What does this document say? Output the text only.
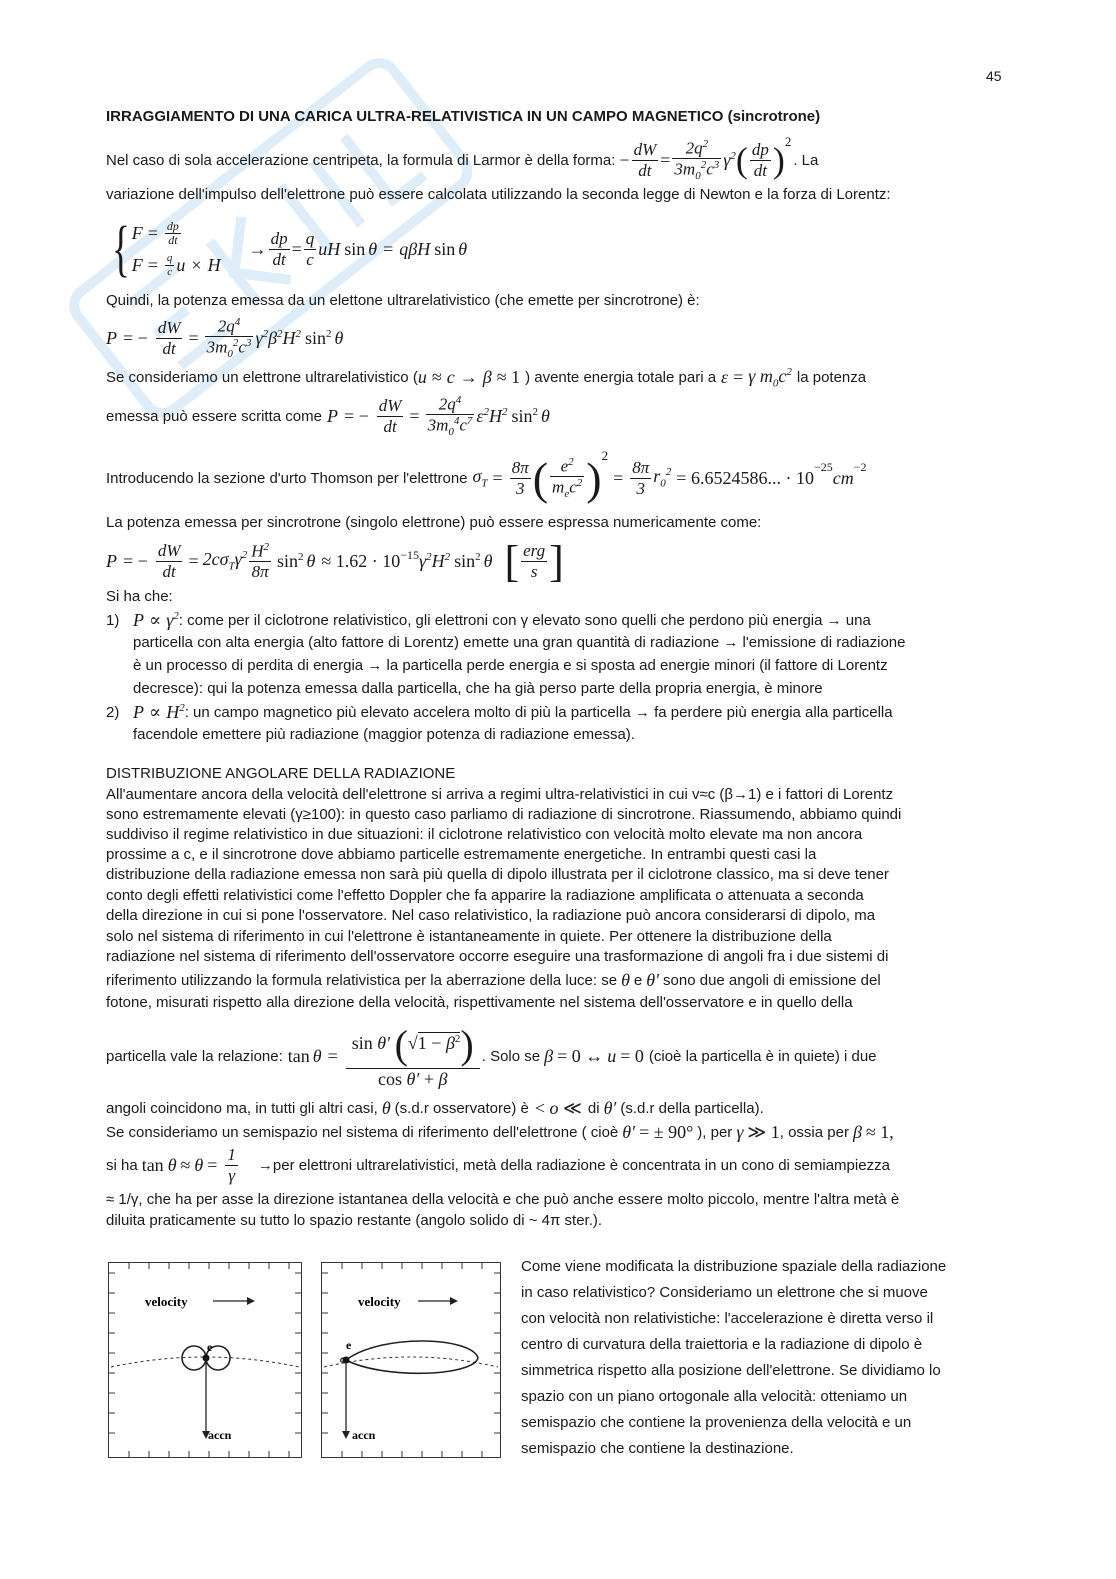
45
IRRAGGIAMENTO DI UNA CARICA ULTRA-RELATIVISTICA IN UN CAMPO MAGNETICO (sincrotrone)
Nel caso di sola accelerazione centripeta, la formula di Larmor è della forma: − $\frac{dW}{dt} = \frac{2q^2}{3m_0^2c^3} \gamma^2$ ( $\frac{dp}{dt}$ ) 2
. La
variazione dell'impulso dell'elettrone può essere calcolata utilizzando la seconda legge di Newton e la forza di Lorentz:
{ $F = \frac{dp}{dt}$
$F = \frac{q}{c}$ u × H
→ $\frac{dp}{dt} = \frac{q}{c}$ uH sin θ = qβH sin θ
Quindi, la potenza emessa da un elettone ultrarelativistico (che emette per sincrotrone) è:
P = − $\frac{dW}{dt} = \frac{2q^4}{3m_0^2c^3} \gamma^2\beta^2H^2$ $\sin^2 \theta$
Se consideriamo un elettrone ultrarelativistico ( u ≈ c → β ≈ 1 ) avente energia totale pari a ε = γ $m_0c^2$ la potenza
emessa può essere scritta come P = − $\frac{dW}{dt} = \frac{2q^4}{3m_0^4c^7} \varepsilon^2H^2$ $\sin^2 \theta$
Introducendo la sezione d'urto Thomson per l'elettrone $\sigma_T = \frac{8\pi}{3}$ ( $\frac{e^2}{m_ec^2}$ ) 2
= $\frac{8\pi}{3} r_0^2 = 6.6524586$... · 10
$^{-25}$
cm
$^{-2}$
La potenza emessa per sincrotrone (singolo elettrone) può essere espressa numericamente come:
P = − $\frac{dW}{dt} = 2c\sigma_T\gamma^2 \frac{H^2}{8\pi} \sin^2 \theta \approx 1.62 \cdot 10^{-15}$ $\gamma^2H^2$ $\sin^2 \theta$ [ $\frac{\text{erg}}{s}$ ]
Si ha che:
1) $P \propto \gamma^2$ : come per il ciclotrone relativistico, gli elettroni con γ elevato sono quelli che perdono più energia → una
particella con alta energia (alto fattore di Lorentz) emette una gran quantità di radiazione → l'emissione di radiazione
è un processo di perdita di energia → la particella perde energia e si sposta ad energie minori (il fattore di Lorentz
decresce): qui la potenza emessa dalla particella, che ha già perso parte della propria energia, è minore
2) $P \propto H^2$ : un campo magnetico più elevato accelera molto di più la particella → fa perdere più energia alla particella
facendole emettere più radiazione (maggior potenza di radiazione emessa).
DISTRIBUZIONE ANGOLARE DELLA RADIAZIONE
All'aumentare ancora della velocità dell'elettrone si arriva a regimi ultra-relativistici in cui v≈c (β→1) e i fattori di Lorentz
sono estremamente elevati (γ≥100): in questo caso parliamo di radiazione di sincrotrone. Riassumendo, abbiamo quindi
suddiviso il regime relativistico in due situazioni: il ciclotrone relativistico con velocità molto elevate ma non ancora
prossime a c, e il sincrotrone dove abbiamo particelle estremamente energetiche. In entrambi questi casi la
distribuzione della radiazione emessa non sarà più quella di dipolo illustrata per il ciclotrone classico, ma si deve tener
conto degli effetti relativistici come l'effetto Doppler che fa apparire la radiazione amplificata o attenuata a seconda
della direzione in cui si pone l'osservatore. Nel caso relativistico, la radiazione può ancora considerarsi di dipolo, ma
solo nel sistema di riferimento in cui l'elettrone è istantaneamente in quiete. Per ottenere la distribuzione della
radiazione nel sistema di riferimento dell'osservatore occorre eseguire una trasformazione di angoli fra i due sistemi di
riferimento utilizzando la formula relativistica per la aberrazione della luce: se θ e θ′ sono due angoli di emissione del
fotone, misurati rispetto alla direzione della velocità, rispettivamente nel sistema dell'osservatore e in quello della
particella vale la relazione: $\tan \theta = \frac{\sin \theta' (√1 - \beta^2)}{\text{cos θ′ + β}}$ . Solo se β = 0 ↔ u = 0 (cioè la particella è in quiete) i due
angoli coincidono ma, in tutti gli altri casi, θ (s.d.r osservatore) è < o ≪ di θ′ (s.d.r della particella).
Se consideriamo un semispazio nel sistema di riferimento dell'elettrone ( cioè θ′ = ± 90° ), per γ ≫ 1 , ossia per β ≈ 1,
si ha $\tan \theta \approx \theta = \frac{1}{\gamma} \to per$ elettroni ultrarelativistici, metà della radiazione è concentrata in un cono di semiampiezza
≈ 1/γ, che ha per asse la direzione istantanea della velocità e che può anche essere molto piccolo, mentre l'altra metà è
diluita praticamente su tutto lo spazio restante (angolo solido di ~ 4π ster.).
velocity
accn
e
velocity
accn
e
Come viene modificata la distribuzione spaziale della radiazione
in caso relativistico? Consideriamo un elettrone che si muove
con velocità non relativistiche: l'accelerazione è diretta verso il
centro di curvatura della traiettoria e la radiazione di dipolo è
simmetrica rispetto alla posizione dell'elettrone. Se dividiamo lo
spazio con un piano ortogonale alla velocità: otteniamo un
semispazio che contiene la provenienza della velocità e un
semispazio che contiene la destinazione.
